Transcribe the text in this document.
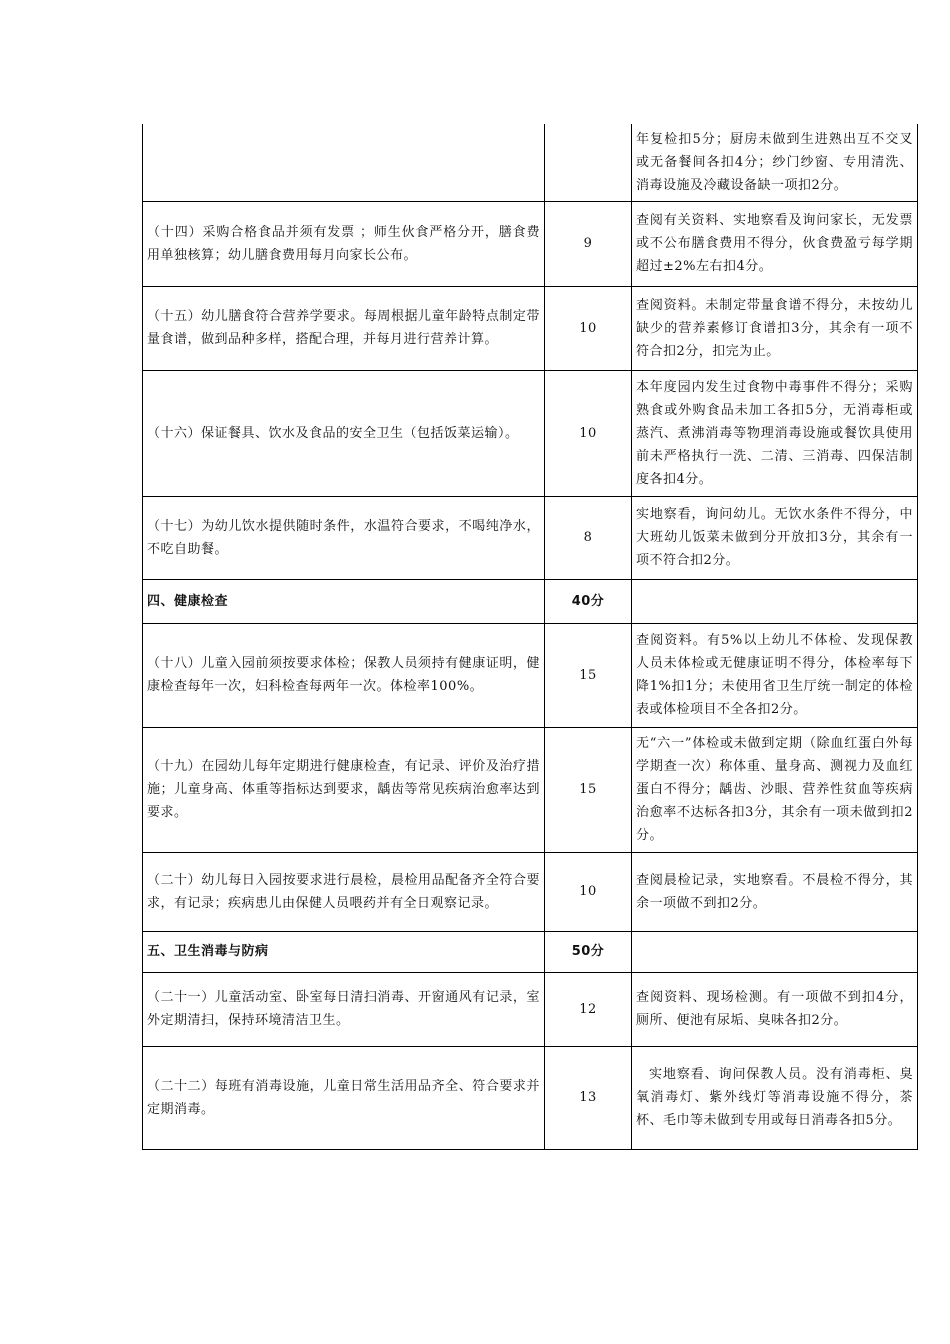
		年复检扣5分；厨房未做到生进熟出互不交叉或无备餐间各扣4分；纱门纱窗、专用清洗、消毒设施及冷藏设备缺一项扣2分。
（十四）采购合格食品并须有发票 ；师生伙食严格分开，膳食费用单独核算；幼儿膳食费用每月向家长公布。	9	查阅有关资料、实地察看及询问家长，无发票或不公布膳食费用不得分，伙食费盈亏每学期超过±2%左右扣4分。
（十五）幼儿膳食符合营养学要求。每周根据儿童年龄特点制定带量食谱，做到品种多样，搭配合理，并每月进行营养计算。	10	查阅资料。未制定带量食谱不得分，未按幼儿缺少的营养素修订食谱扣3分，其余有一项不符合扣2分，扣完为止。
（十六）保证餐具、饮水及食品的安全卫生（包括饭菜运输）。	10	本年度园内发生过食物中毒事件不得分；采购熟食或外购食品未加工各扣5分，无消毒柜或蒸汽、煮沸消毒等物理消毒设施或餐饮具使用前未严格执行一洗、二清、三消毒、四保洁制度各扣4分。
（十七）为幼儿饮水提供随时条件，水温符合要求，不喝纯净水，不吃自助餐。	8	实地察看，询问幼儿。无饮水条件不得分，中大班幼儿饭菜未做到分开放扣3分，其余有一项不符合扣2分。
四、健康检查	40分	
（十八）儿童入园前须按要求体检；保教人员须持有健康证明，健康检查每年一次，妇科检查每两年一次。体检率100%。	15	查阅资料。有5%以上幼儿不体检、发现保教人员未体检或无健康证明不得分，体检率每下降1%扣1分；未使用省卫生厅统一制定的体检表或体检项目不全各扣2分。
（十九）在园幼儿每年定期进行健康检查，有记录、评价及治疗措施；儿童身高、体重等指标达到要求，龋齿等常见疾病治愈率达到要求。	15	无“六一”体检或未做到定期（除血红蛋白外每学期查一次）称体重、量身高、测视力及血红蛋白不得分；龋齿、沙眼、营养性贫血等疾病治愈率不达标各扣3分，其余有一项未做到扣2分。
（二十）幼儿每日入园按要求进行晨检，晨检用品配备齐全符合要求，有记录；疾病患儿由保健人员喂药并有全日观察记录。	10	查阅晨检记录，实地察看。不晨检不得分，其余一项做不到扣2分。
五、卫生消毒与防病	50分	
（二十一）儿童活动室、卧室每日清扫消毒、开窗通风有记录，室外定期清扫，保持环境清洁卫生。	12	查阅资料、现场检测。有一项做不到扣4分，厕所、便池有尿垢、臭味各扣2分。
（二十二）每班有消毒设施，儿童日常生活用品齐全、符合要求并定期消毒。	13	实地察看、询问保教人员。没有消毒柜、臭氧消毒灯、紫外线灯等消毒设施不得分，茶杯、毛巾等未做到专用或每日消毒各扣5分。
